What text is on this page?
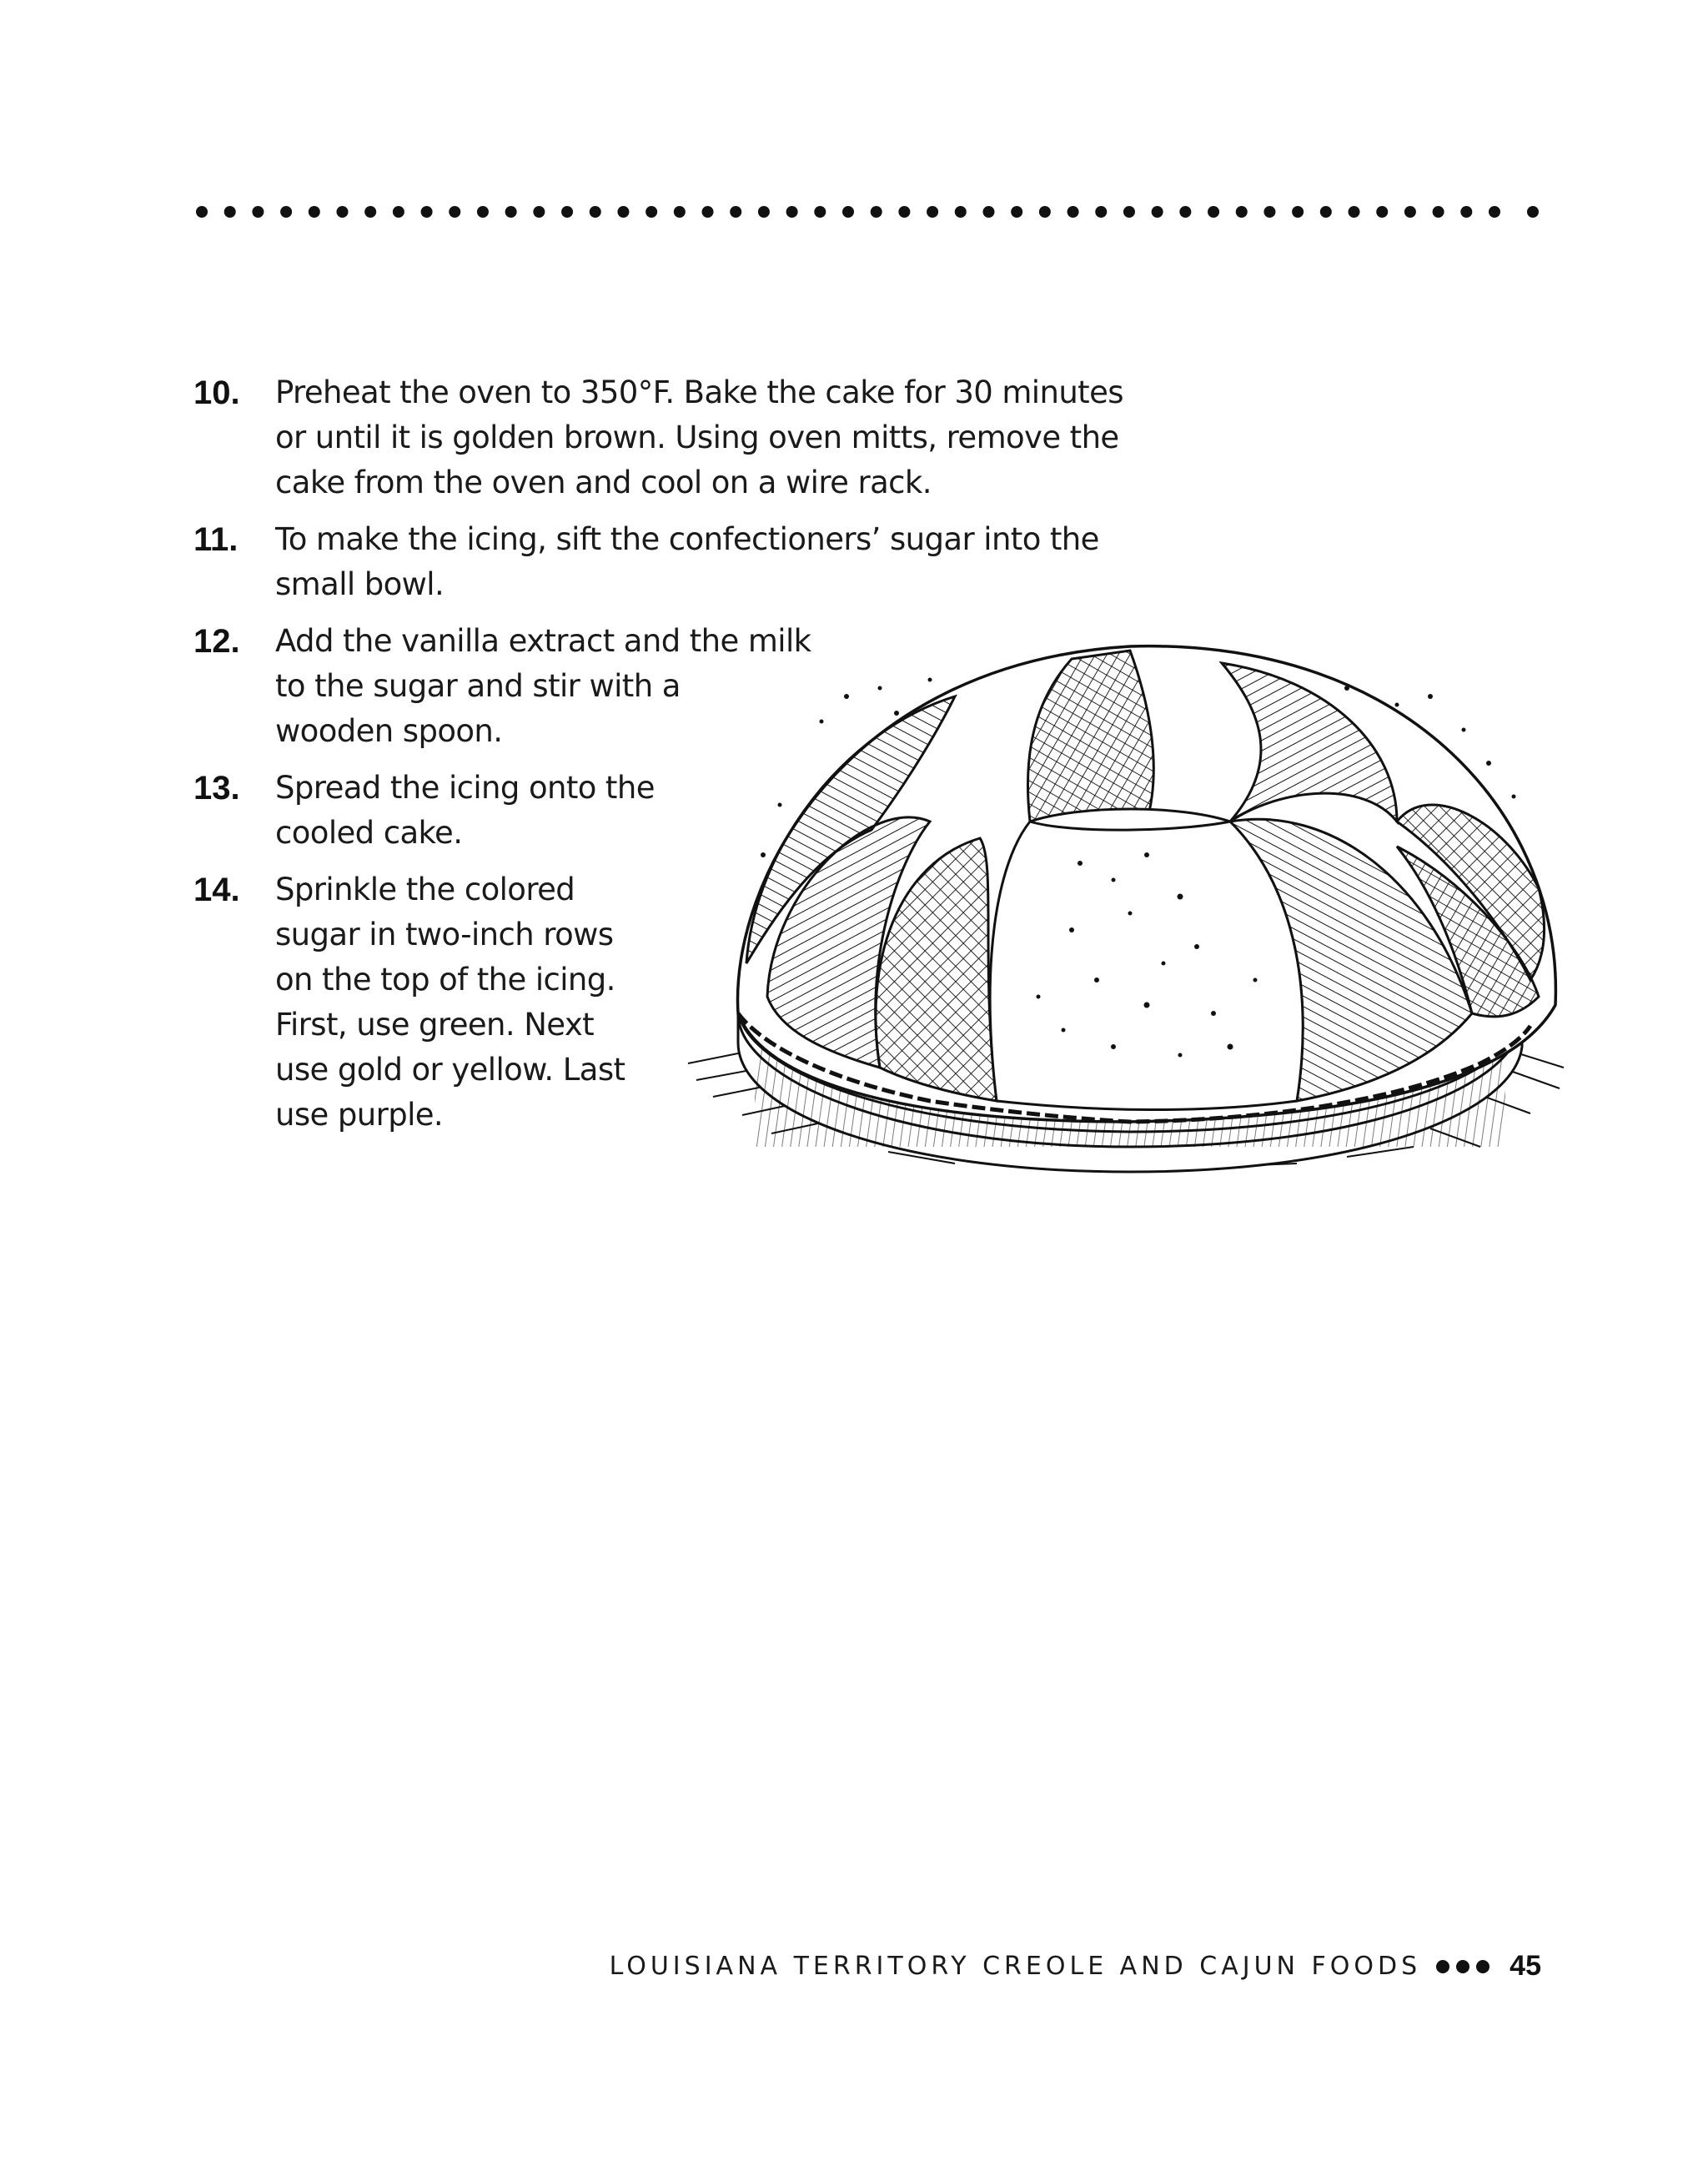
10.	Preheat the oven to 350°F. Bake the cake for 30 minutes
or until it is golden brown. Using oven mitts, remove the
cake from the oven and cool on a wire rack.
11.	To make the icing, sift the confectioners’ sugar into the
small bowl.
12.	Add the vanilla extract and the milk
to the sugar and stir with a
wooden spoon.
13.	Spread the icing onto the
cooled cake.
14.	Sprinkle the colored
sugar in two-inch rows
on the top of the icing.
First, use green. Next
use gold or yellow. Last
use purple.
LOUISIANA TERRITORY CREOLE AND CAJUN FOODS	45
